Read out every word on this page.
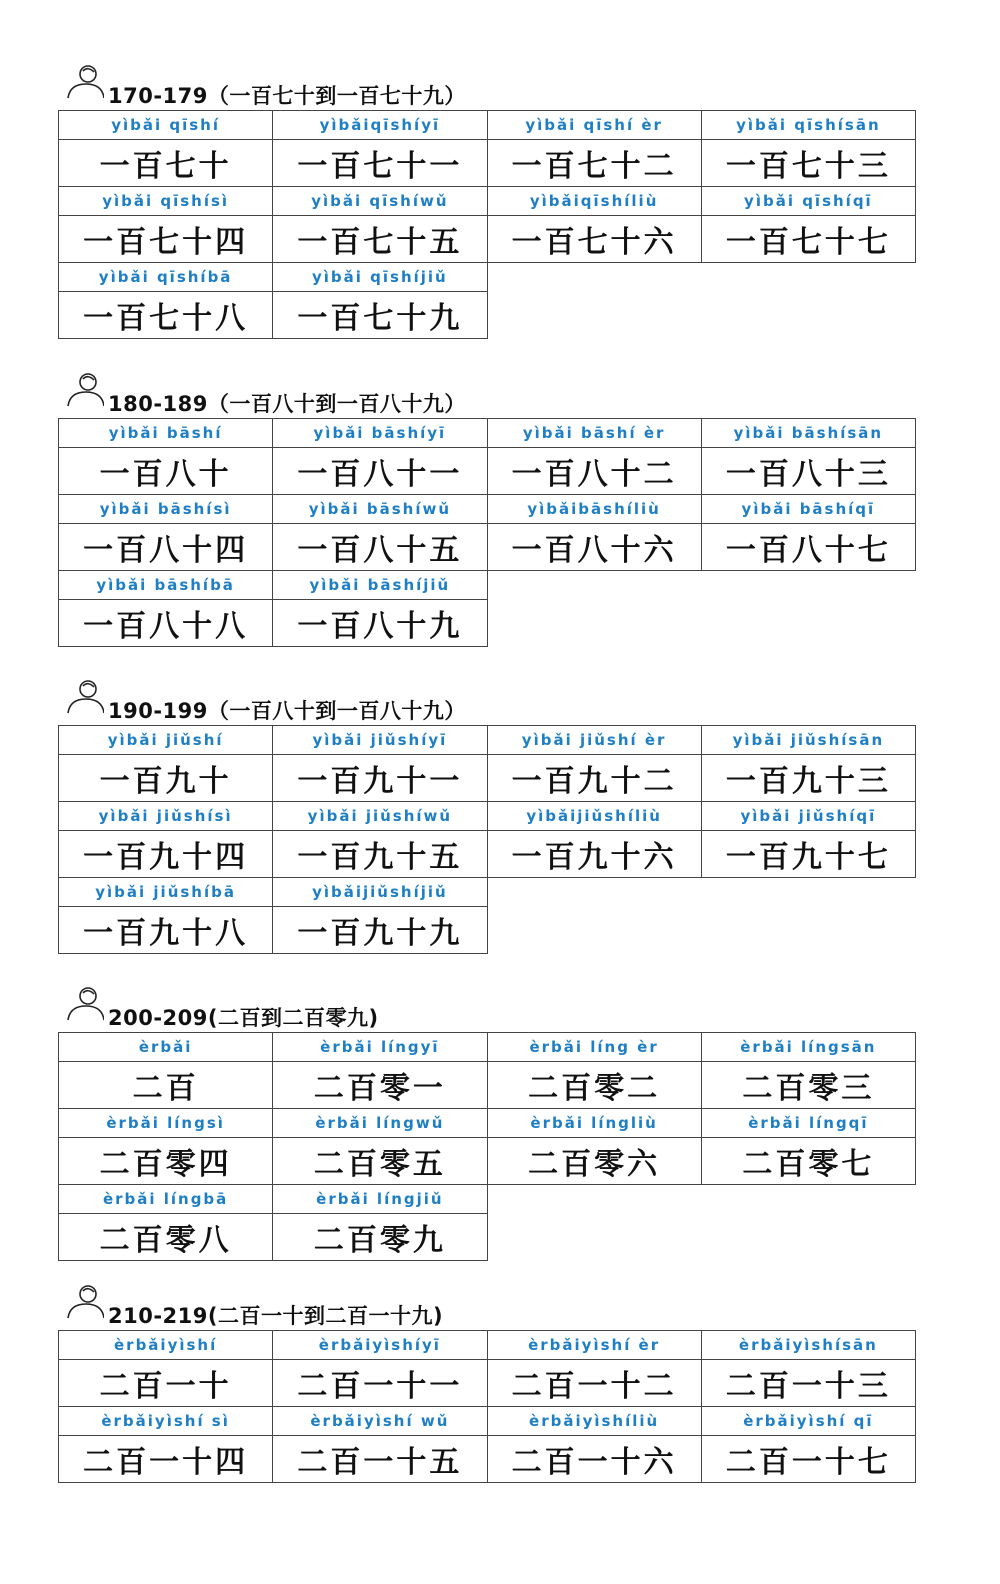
170-179（一百七十到一百七十九）
yìbǎi qīshí	yìbǎiqīshíyī	yìbǎi qīshí èr	yìbǎi qīshísān
一百七十	一百七十一	一百七十二	一百七十三
yìbǎi qīshísì	yìbǎi qīshíwǔ	yìbǎiqīshíliù	yìbǎi qīshíqī
一百七十四	一百七十五	一百七十六	一百七十七
yìbǎi qīshíbā	yìbǎi qīshíjiǔ		
一百七十八	一百七十九		
180-189（一百八十到一百八十九）
yìbǎi bāshí	yìbǎi bāshíyī	yìbǎi bāshí èr	yìbǎi bāshísān
一百八十	一百八十一	一百八十二	一百八十三
yìbǎi bāshísì	yìbǎi bāshíwǔ	yìbǎibāshíliù	yìbǎi bāshíqī
一百八十四	一百八十五	一百八十六	一百八十七
yìbǎi bāshíbā	yìbǎi bāshíjiǔ		
一百八十八	一百八十九		
190-199（一百八十到一百八十九）
yìbǎi jiǔshí	yìbǎi jiǔshíyī	yìbǎi jiǔshí èr	yìbǎi jiǔshísān
一百九十	一百九十一	一百九十二	一百九十三
yìbǎi jiǔshísì	yìbǎi jiǔshíwǔ	yìbǎijiǔshíliù	yìbǎi jiǔshíqī
一百九十四	一百九十五	一百九十六	一百九十七
yìbǎi jiǔshíbā	yìbǎijiǔshíjiǔ		
一百九十八	一百九十九		
200-209(二百到二百零九)
èrbǎi	èrbǎi língyī	èrbǎi líng èr	èrbǎi língsān
二百	二百零一	二百零二	二百零三
èrbǎi língsì	èrbǎi língwǔ	èrbǎi língliù	èrbǎi língqī
二百零四	二百零五	二百零六	二百零七
èrbǎi língbā	èrbǎi língjiǔ		
二百零八	二百零九		
210-219(二百一十到二百一十九)
èrbǎiyìshí	èrbǎiyìshíyī	èrbǎiyìshí èr	èrbǎiyìshísān
二百一十	二百一十一	二百一十二	二百一十三
èrbǎiyìshí sì	èrbǎiyìshí wǔ	èrbǎiyìshíliù	èrbǎiyìshí qī
二百一十四	二百一十五	二百一十六	二百一十七
